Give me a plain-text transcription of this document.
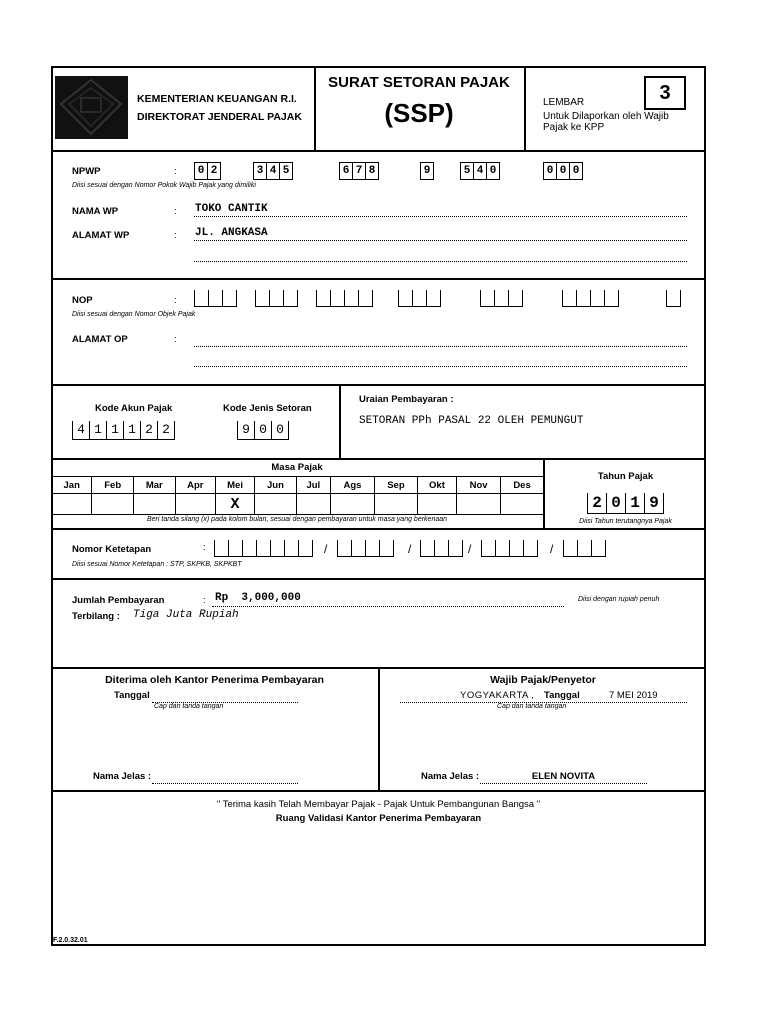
KEMENTERIAN KEUANGAN R.I.
DIREKTORAT JENDERAL PAJAK
SURAT SETORAN PAJAK
(SSP)	LEMBAR	3
Untuk Dilaporkan oleh Wajib
Pajak ke KPP
NPWP	:	0 2	3 4 5	6 7 8	9	5 4 0	0 0 0
Diisi sesuai dengan Nomor Pokok Wajib Pajak yang dimiliki
NAMA WP	: TOKO CANTIK
ALAMAT WP	: JL. ANGKASA
NOP	:
Diisi sesuai dengan Nomor Objek Pajak
ALAMAT OP	:
Kode Akun Pajak
4 1 1 1 2 2
Kode Jenis Setoran
9 0 0
Uraian Pembayaran :
SETORAN PPh PASAL 22 OLEH PEMUNGUT
Masa Pajak
Jan	Feb	Mar	Apr	Mei	Jun	Jul	Ags	Sep	Okt	Nov	Des
				X							
Beri tanda silang (x) pada kolom bulan, sesuai dengan pembayaran untuk masa yang berkenaan
Tahun Pajak
2 0 1 9
Diisi Tahun terutangnya Pajak
Nomor Ketetapan	:	/	/	/	/
Diisi sesuai Nomor Ketetapan : STP, SKPKB, SKPKBT
Jumlah Pembayaran	: Rp  3,000,000	Diisi dengan rupiah penuh
Terbilang : Tiga Juta Rupiah
Diterima oleh Kantor Penerima Pembayaran
Tanggal
Cap dan tanda tangan
Nama Jelas :
Wajib Pajak/Penyetor
YOGYAKARTA , Tanggal	7 MEI 2019
Cap dan tanda tangan
Nama Jelas :	ELEN NOVITA
" Terima kasih Telah Membayar Pajak - Pajak Untuk Pembangunan Bangsa "
Ruang Validasi Kantor Penerima Pembayaran
F.2.0.32.01
